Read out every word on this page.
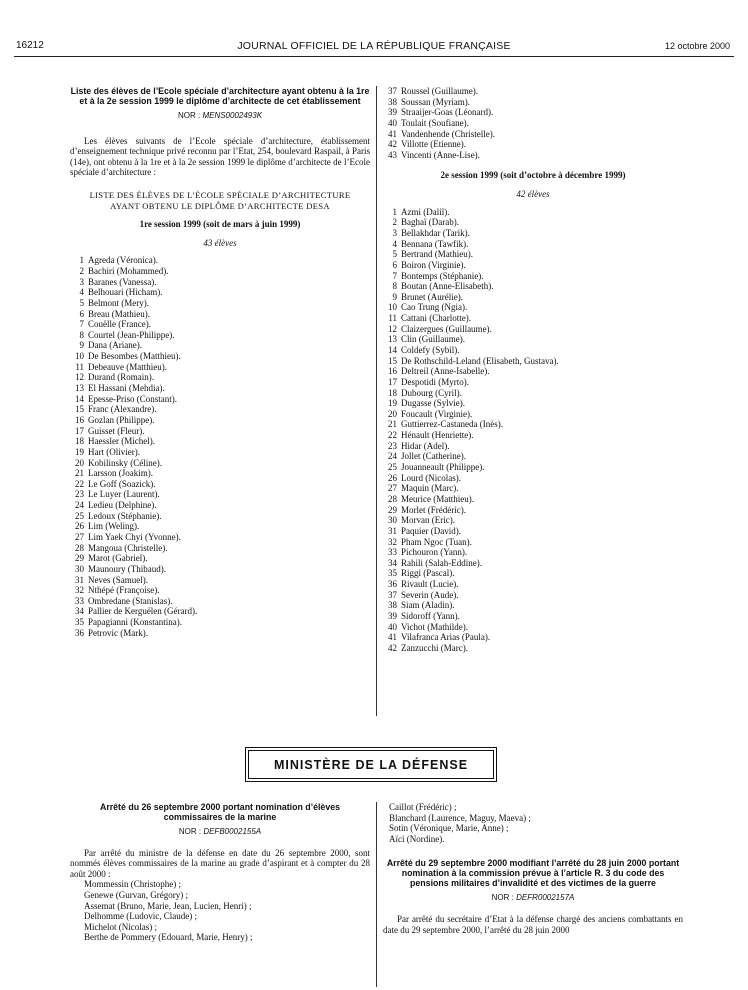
16212	JOURNAL OFFICIEL DE LA RÉPUBLIQUE FRANÇAISE	12 octobre 2000
Liste des élèves de l’Ecole spéciale d’architecture ayant obtenu à la 1re et à la 2e session 1999 le diplôme d’architecte de cet établissement
NOR : MENS0002493K
Les élèves suivants de l’Ecole spéciale d’architecture, établissement d’enseignement technique privé reconnu par l’Etat, 254, boulevard Raspail, à Paris (14e), ont obtenu à la 1re et à la 2e session 1999 le diplôme d’architecte de l’Ecole spéciale d’architecture :
LISTE DES ÉLÈVES DE L’ÉCOLE SPÉCIALE D’ARCHITECTURE
AYANT OBTENU LE DIPLÔME D’ARCHITECTE DESA
1re session 1999 (soit de mars à juin 1999)
43 élèves
1 Agreda (Véronica).
2 Bachiri (Mohammed).
3 Baranes (Vanessa).
4 Belhouari (Hicham).
5 Belmont (Mery).
6 Breau (Mathieu).
7 Couëlle (France).
8 Courtel (Jean-Philippe).
9 Dana (Ariane).
10 De Besombes (Matthieu).
11 Debeauve (Matthieu).
12 Durand (Romain).
13 El Hassani (Mehdia).
14 Epesse-Priso (Constant).
15 Franc (Alexandre).
16 Gozlan (Philippe).
17 Guisset (Fleur).
18 Haessler (Michel).
19 Hart (Olivier).
20 Kobilinsky (Céline).
21 Larsson (Joakim).
22 Le Goff (Soazick).
23 Le Luyer (Laurent).
24 Ledieu (Delphine).
25 Ledoux (Stéphanie).
26 Lim (Weling).
27 Lim Yaek Chyi (Yvonne).
28 Mangoua (Christelle).
29 Marot (Gabriel).
30 Maunoury (Thibaud).
31 Neves (Samuel).
32 Nthépé (Françoise).
33 Ombredane (Stanislas).
34 Pallier de Kerguëlen (Gérard).
35 Papagianni (Konstantina).
36 Petrovic (Mark).
37 Roussel (Guillaume).
38 Soussan (Myriam).
39 Straaijer-Goas (Léonard).
40 Toulait (Soufiane).
41 Vandenhende (Christelle).
42 Villotte (Etienne).
43 Vincenti (Anne-Lise).
2e session 1999 (soit d’octobre à décembre 1999)
42 élèves
1 Azmi (Dalil).
2 Baghaï (Darab).
3 Bellakhdar (Tarik).
4 Bennana (Tawfik).
5 Bertrand (Mathieu).
6 Boiron (Virginie).
7 Bontemps (Stéphanie).
8 Boutan (Anne-Elisabeth).
9 Brunet (Aurélie).
10 Cao Trung (Ngia).
11 Cattani (Charlotte).
12 Claizergues (Guillaume).
13 Clin (Guillaume).
14 Coldefy (Sybil).
15 De Rothschild-Leland (Elisabeth, Gustava).
16 Deltreil (Anne-Isabelle).
17 Despotidi (Myrto).
18 Dubourg (Cyril).
19 Dugasse (Sylvie).
20 Foucault (Virginie).
21 Guttierrez-Castaneda (Inès).
22 Hénault (Henriette).
23 Hidar (Adel).
24 Jollet (Catherine).
25 Jouanneault (Philippe).
26 Lourd (Nicolas).
27 Maquin (Marc).
28 Meurice (Matthieu).
29 Morlet (Frédéric).
30 Morvan (Eric).
31 Paquier (David).
32 Pham Ngoc (Tuan).
33 Pichouron (Yann).
34 Rahili (Salah-Eddine).
35 Riggi (Pascal).
36 Rivault (Lucie).
37 Severin (Aude).
38 Siam (Aladin).
39 Sidoroff (Yann).
40 Vichot (Mathilde).
41 Vilafranca Arias (Paula).
42 Zanzucchi (Marc).
MINISTÈRE DE LA DÉFENSE
Arrêté du 26 septembre 2000 portant nomination d’élèves commissaires de la marine
NOR : DEFB0002155A
Par arrêté du ministre de la défense en date du 26 septembre 2000, sont nommés élèves commissaires de la marine au grade d’aspirant et à compter du 28 août 2000 :
Mommessin (Christophe) ;
Genewe (Gurvan, Grégory) ;
Assemat (Bruno, Marie, Jean, Lucien, Henri) ;
Delhomme (Ludovic, Claude) ;
Michelot (Nicolas) ;
Berthe de Pommery (Edouard, Marie, Henry) ;
Caillot (Frédéric) ;
Blanchard (Laurence, Maguy, Maeva) ;
Sotin (Véronique, Marie, Anne) ;
Aïci (Nordine).
Arrêté du 29 septembre 2000 modifiant l’arrêté du 28 juin 2000 portant nomination à la commission prévue à l’article R. 3 du code des pensions militaires d’invalidité et des victimes de la guerre
NOR : DEFR0002157A
Par arrêté du secrétaire d’Etat à la défense chargé des anciens combattants en date du 29 septembre 2000, l’arrêté du 28 juin 2000
